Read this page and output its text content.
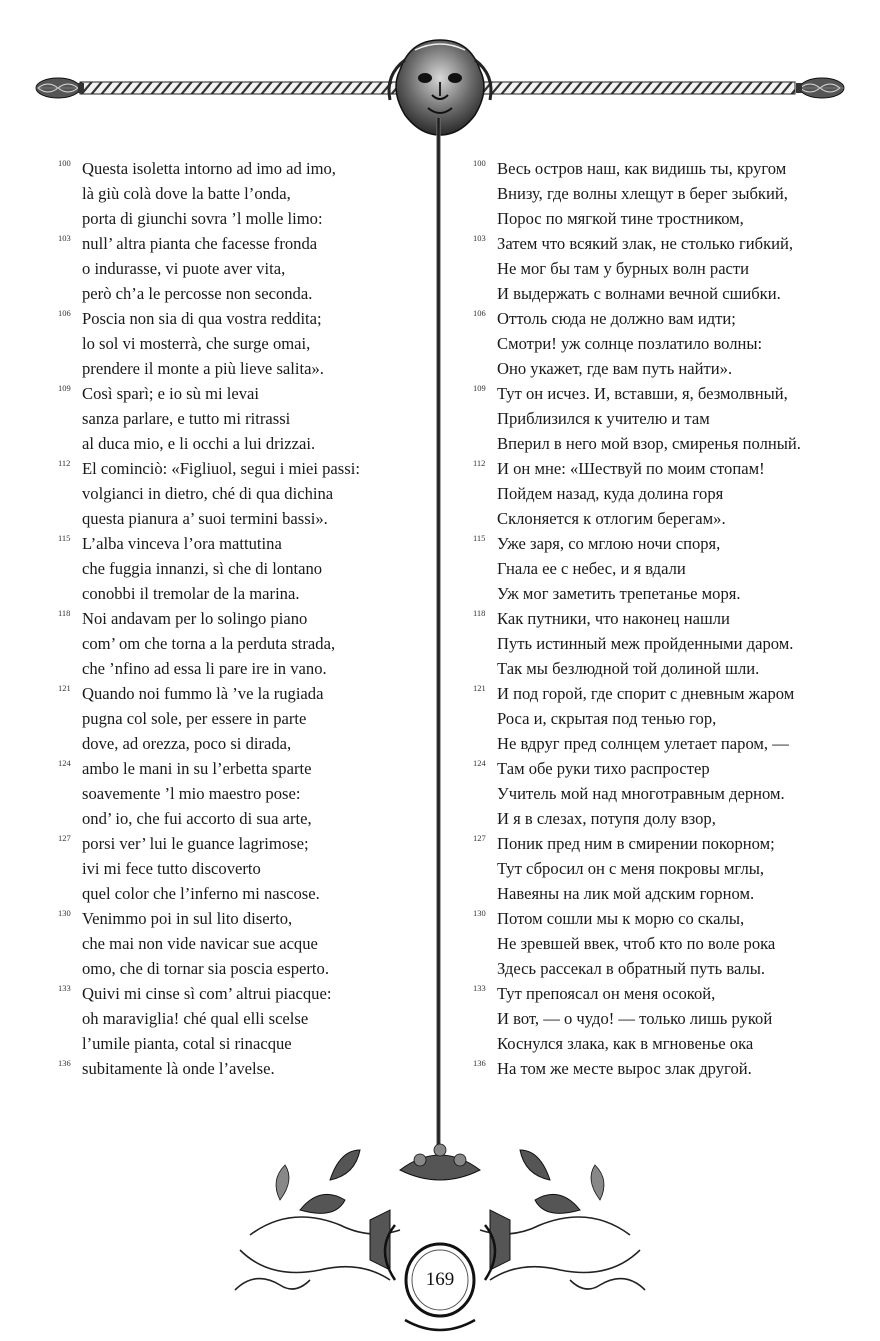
100 Questa isoletta intorno ad imo ad imo,
là giù colà dove la batte l’onda,
porta di giunchi sovra ’l molle limo:
103 null’ altra pianta che facesse fronda
o indurasse, vi puote aver vita,
però ch’a le percosse non seconda.
106 Poscia non sia di qua vostra reddita;
lo sol vi mosterrà, che surge omai,
prendere il monte a più lieve salita».
109 Così sparì; e io sù mi levai
sanza parlare, e tutto mi ritrassi
al duca mio, e li occhi a lui drizzai.
112 El cominciò: «Figliuol, segui i miei passi:
volgianci in dietro, ché di qua dichina
questa pianura a’ suoi termini bassi».
115 L’alba vinceva l’ora mattutina
che fuggia innanzi, sì che di lontano
conobbi il tremolar de la marina.
118 Noi andavam per lo solingo piano
com’ om che torna a la perduta strada,
che ’nfino ad essa li pare ire in vano.
121 Quando noi fummo là ’ve la rugiada
pugna col sole, per essere in parte
dove, ad orezza, poco si dirada,
124 ambo le mani in su l’erbetta sparte
soavemente ’l mio maestro pose:
ond’ io, che fui accorto di sua arte,
127 porsi ver’ lui le guance lagrimose;
ivi mi fece tutto discoverto
quel color che l’inferno mi nascose.
130 Venimmo poi in sul lito diserto,
che mai non vide navicar sue acque
omo, che di tornar sia poscia esperto.
133 Quivi mi cinse sì com’ altrui piacque:
oh maraviglia! ché qual elli scelse
l’umile pianta, cotal si rinacque
136 subitamente là onde l’avelse.
100 Весь остров наш, как видишь ты, кругом
Внизу, где волны хлещут в берег зыбкий,
Порос по мягкой тине тростником,
103 Затем что всякий злак, не столько гибкий,
Не мог бы там у бурных волн расти
И выдержать с волнами вечной сшибки.
106 Оттоль сюда не должно вам идти;
Смотри! уж солнце позлатило волны:
Оно укажет, где вам путь найти».
109 Тут он исчез. И, вставши, я, безмолвный,
Приблизился к учителю и там
Вперил в него мой взор, смиренья полный.
112 И он мне: «Шествуй по моим стопам!
Пойдем назад, куда долина горя
Склоняется к отлогим берегам».
115 Уже заря, со мглою ночи споря,
Гнала ее с небес, и я вдали
Уж мог заметить трепетанье моря.
118 Как путники, что наконец нашли
Путь истинный меж пройденными даром.
Так мы безлюдной той долиной шли.
121 И под горой, где спорит с дневным жаром
Роса и, скрытая под тенью гор,
Не вдруг пред солнцем улетает паром, —
124 Там обе руки тихо распростер
Учитель мой над многотравным дерном.
И я в слезах, потупя долу взор,
127 Поник пред ним в смирении покорном;
Тут сбросил он с меня покровы мглы,
Навеяны на лик мой адским горном.
130 Потом сошли мы к морю со скалы,
Не зревшей ввек, чтоб кто по воле рока
Здесь рассекал в обратный путь валы.
133 Тут препоясал он меня осокой,
И вот, — о чудо! — только лишь рукой
Коснулся злака, как в мгновенье ока
136 На том же месте вырос злак другой.
169
